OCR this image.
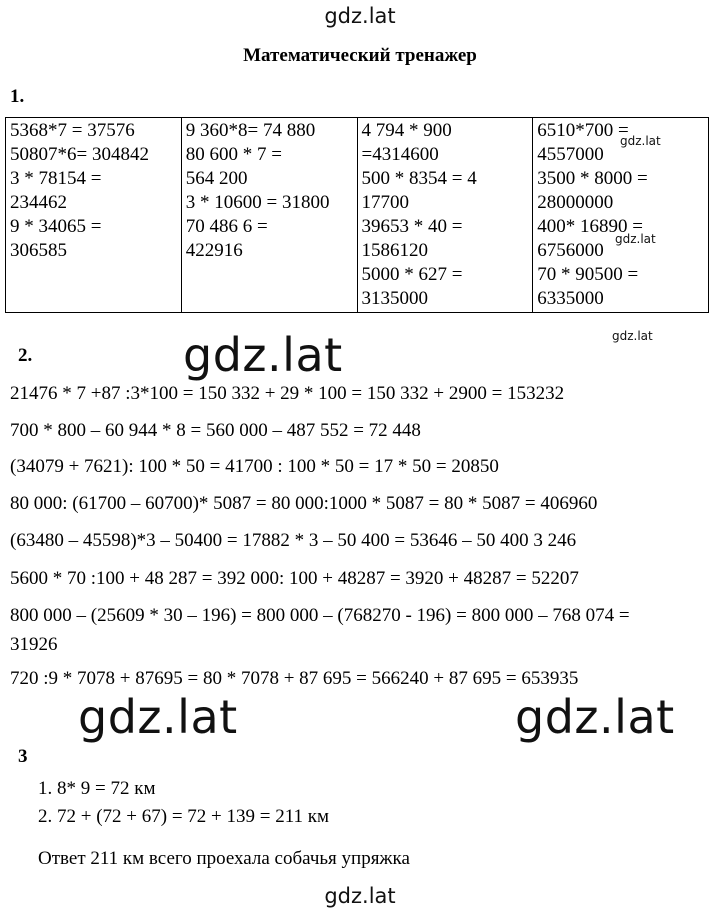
gdz.lat
Математический тренажер
1.
5368*7 = 37576
50807*6= 304842
3 * 78154 =
234462
9 * 34065 =
306585

9 360*8= 74 880
80 600 * 7 =
564 200
3 * 10600 = 31800
70 486 6 =
422916

4 794 * 900
=4314600
500 * 8354 = 4
17700
39653 * 40 =
1586120
5000 * 627 =
3135000

6510*700 =
4557000
3500 * 8000 =
28000000
400* 16890 =
6756000
70 * 90500 =
6335000
gdz.lat
gdz.lat
gdz.lat
2.	gdz.lat
21476 * 7 +87 :3*100 = 150 332 + 29 * 100 = 150 332 + 2900 = 153232
700 * 800 – 60 944 * 8 = 560 000 – 487 552 = 72 448
(34079 + 7621): 100 * 50 = 41700 : 100 * 50 = 17 * 50 = 20850
80 000: (61700 – 60700)* 5087 = 80 000:1000 * 5087 = 80 * 5087 = 406960
(63480 – 45598)*3 – 50400 = 17882 * 3 – 50 400 = 53646 – 50 400 3 246
5600 * 70 :100 + 48 287 = 392 000: 100 + 48287 = 3920 + 48287 = 52207
800 000 – (25609 * 30 – 196) = 800 000 – (768270 - 196) = 800 000 – 768 074 =
31926
720 :9 * 7078 + 87695 = 80 * 7078 + 87 695 = 566240 + 87 695 = 653935
gdz.lat	gdz.lat
3
1. 8* 9 = 72 км
2. 72 + (72 + 67) = 72 + 139 = 211 км
Ответ 211 км всего проехала собачья упряжка
gdz.lat
